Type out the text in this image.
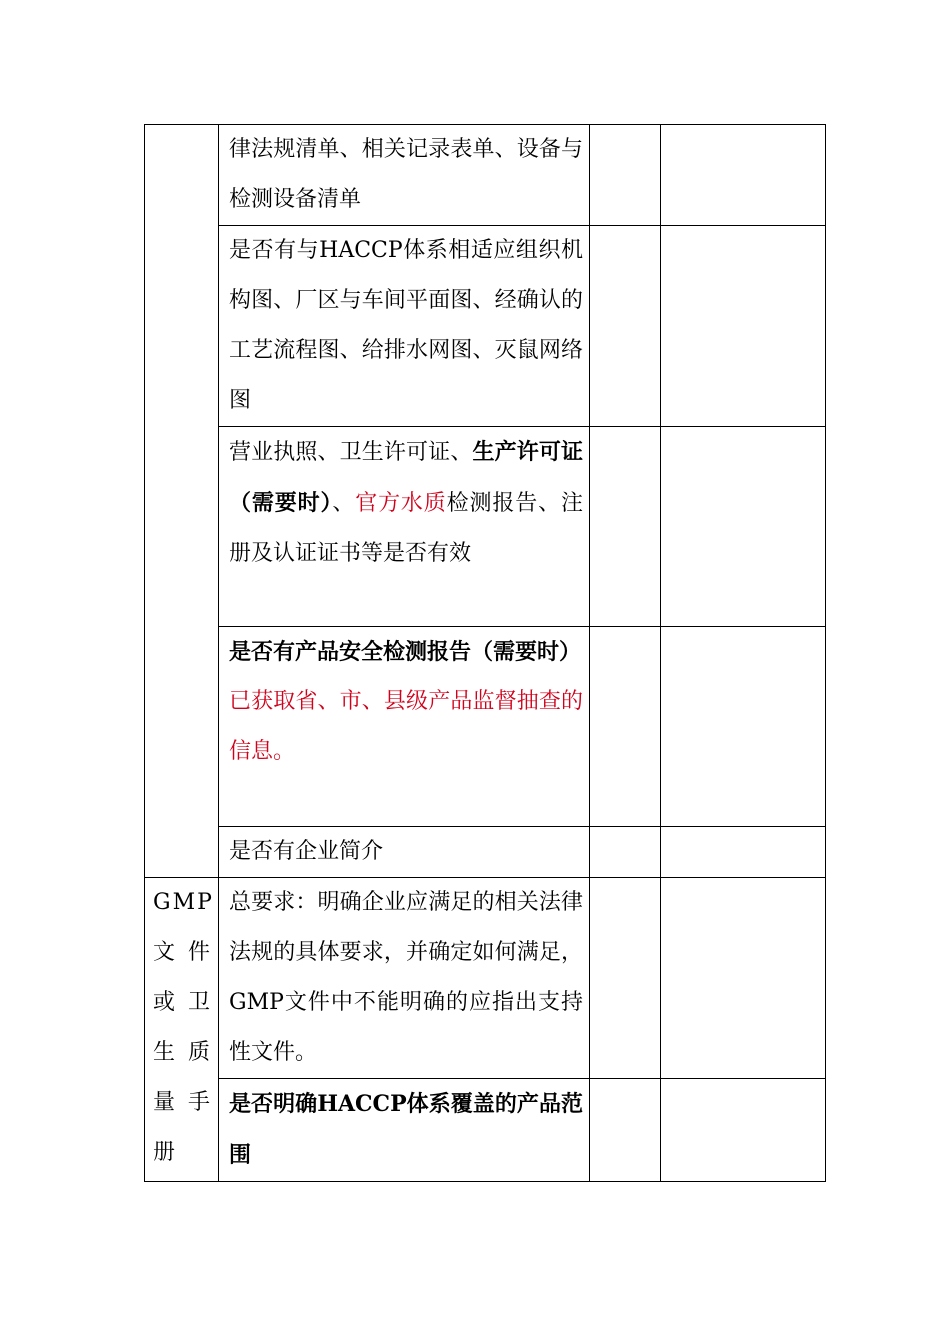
	律法规清单、相关记录表单、设备与检测设备清单		
	是否有与HACCP体系相适应组织机构图、厂区与车间平面图、经确认的工艺流程图、给排水网图、灭鼠网络图		
	营业执照、卫生许可证、生产许可证（需要时）、官方水质检测报告、注册及认证证书等是否有效		

	是否有产品安全检测报告（需要时）
已获取省、市、县级产品监督抽查的信息。		

	是否有企业简介		
GMP文件或卫生质量手册	总要求：明确企业应满足的相关法律法规的具体要求，并确定如何满足，GMP文件中不能明确的应指出支持性文件。		
	是否明确HACCP体系覆盖的产品范围		
